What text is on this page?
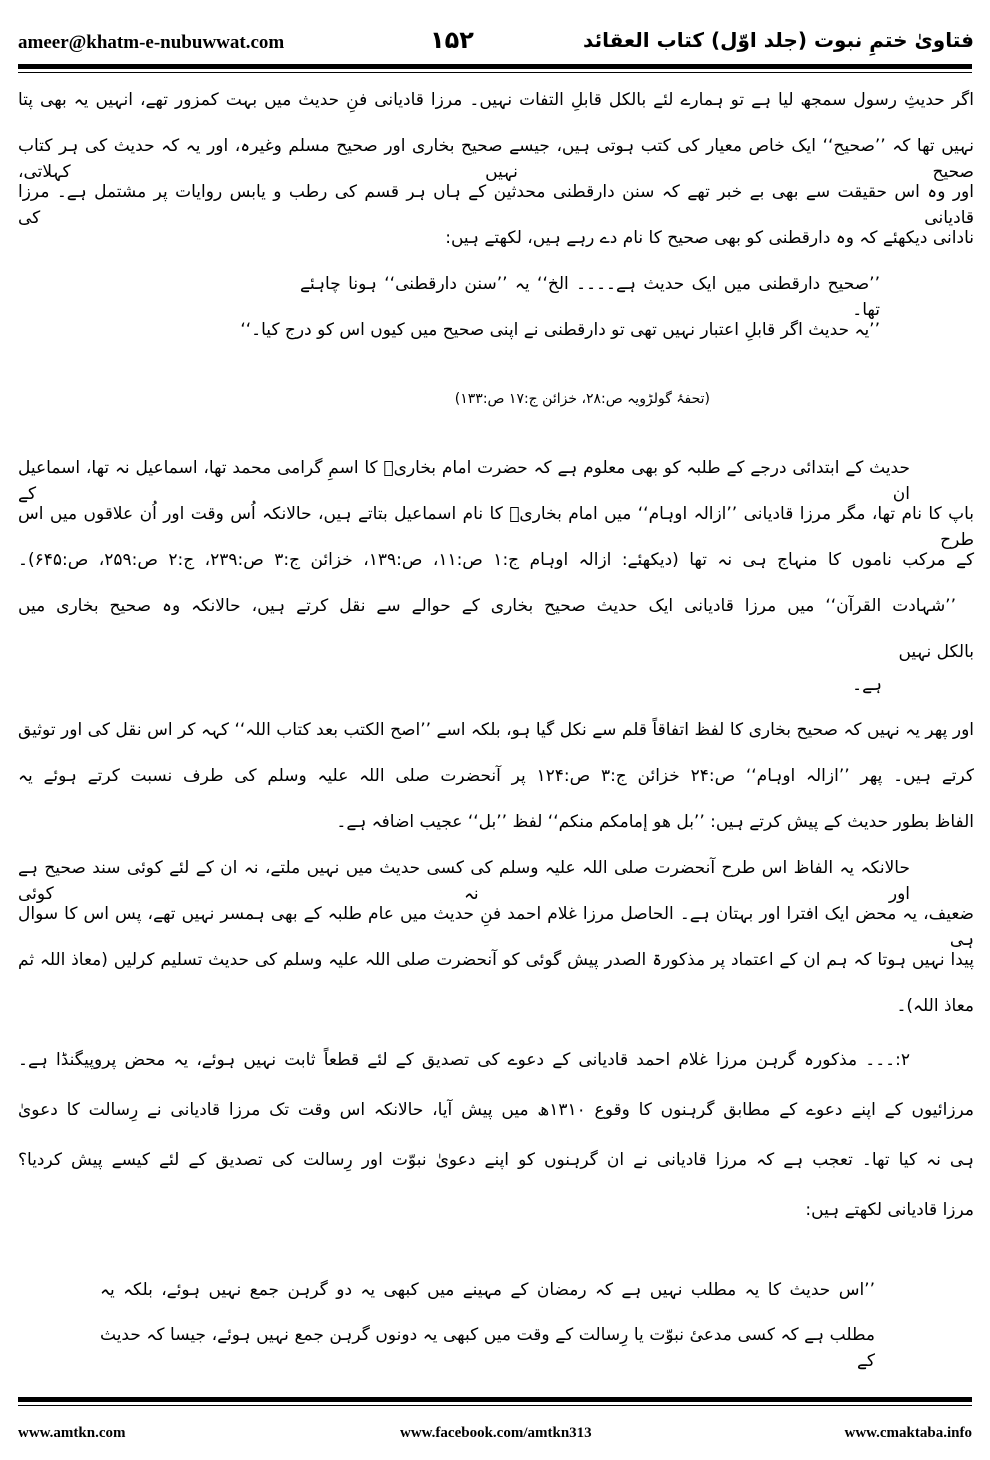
ameer@khatm-e-nubuwwat.com	۱۵۲	فتاویٰ ختمِ نبوت (جلد اوّل) کتاب العقائد
اگر حدیثِ رسول سمجھ لیا ہے تو ہمارے لئے بالکل قابلِ التفات نہیں۔ مرزا قادیانی فنِ حدیث میں بہت کمزور تھے، انہیں یہ بھی پتا
نہیں تھا کہ ’’صحیح‘‘ ایک خاص معیار کی کتب ہوتی ہیں، جیسے صحیح بخاری اور صحیح مسلم وغیرہ، اور یہ کہ حدیث کی ہر کتاب صحیح نہیں کہلاتی،
اور وہ اس حقیقت سے بھی بے خبر تھے کہ سنن دارقطنی محدثین کے ہاں ہر قسم کی رطب و یابس روایات پر مشتمل ہے۔ مرزا قادیانی کی
نادانی دیکھئے کہ وہ دارقطنی کو بھی صحیح کا نام دے رہے ہیں، لکھتے ہیں:
’’صحیح دارقطنی میں ایک حدیث ہے۔۔۔۔ الخ‘‘ یہ ’’سنن دارقطنی‘‘ ہونا چاہئے تھا۔
’’یہ حدیث اگر قابلِ اعتبار نہیں تھی تو دارقطنی نے اپنی صحیح میں کیوں اس کو درج کیا۔‘‘
(تحفۂ گولڑویہ ص:۲۸، خزائن ج:۱۷ ص:۱۳۳)
حدیث کے ابتدائی درجے کے طلبہ کو بھی معلوم ہے کہ حضرت امام بخاریؒ کا اسمِ گرامی محمد تھا، اسماعیل نہ تھا، اسماعیل ان کے
باپ کا نام تھا، مگر مرزا قادیانی ’’ازالہ اوہام‘‘ میں امام بخاریؒ کا نام اسماعیل بتاتے ہیں، حالانکہ اُس وقت اور اُن علاقوں میں اس طرح
کے مرکب ناموں کا منہاج ہی نہ تھا (دیکھئے: ازالہ اوہام ج:۱ ص:۱۱، ص:۱۳۹، خزائن ج:۳ ص:۲۳۹، ج:۲ ص:۲۵۹، ص:۶۴۵)۔
’’شہادت القرآن‘‘ میں مرزا قادیانی ایک حدیث صحیح بخاری کے حوالے سے نقل کرتے ہیں، حالانکہ وہ صحیح بخاری میں
بالکل نہیں
ہے۔
اور پھر یہ نہیں کہ صحیح بخاری کا لفظ اتفاقاً قلم سے نکل گیا ہو، بلکہ اسے ’’اصح الکتب بعد کتاب اللہ‘‘ کہہ کر اس نقل کی اور توثیق
کرتے ہیں۔ پھر ’’ازالہ اوہام‘‘ ص:۲۴ خزائن ج:۳ ص:۱۲۴ پر آنحضرت صلی اللہ علیہ وسلم کی طرف نسبت کرتے ہوئے یہ
الفاظ بطور حدیث کے پیش کرتے ہیں: ’’بل ھو إمامکم منکم‘‘ لفظ ’’بل‘‘ عجیب اضافہ ہے۔
حالانکہ یہ الفاظ اس طرح آنحضرت صلی اللہ علیہ وسلم کی کسی حدیث میں نہیں ملتے، نہ ان کے لئے کوئی سند صحیح ہے اور نہ کوئی
ضعیف، یہ محض ایک افترا اور بہتان ہے۔ الحاصل مرزا غلام احمد فنِ حدیث میں عام طلبہ کے بھی ہمسر نہیں تھے، پس اس کا سوال ہی
پیدا نہیں ہوتا کہ ہم ان کے اعتماد پر مذکورۃ الصدر پیش گوئی کو آنحضرت صلی اللہ علیہ وسلم کی حدیث تسلیم کرلیں (معاذ اللہ ثم
معاذ اللہ)۔
۲:۔۔۔ مذکورہ گرہن مرزا غلام احمد قادیانی کے دعوے کی تصدیق کے لئے قطعاً ثابت نہیں ہوئے، یہ محض پروپیگنڈا ہے۔
مرزائیوں کے اپنے دعوے کے مطابق گرہنوں کا وقوع ۱۳۱۰ھ میں پیش آیا، حالانکہ اس وقت تک مرزا قادیانی نے رِسالت کا دعویٰ
ہی نہ کیا تھا۔ تعجب ہے کہ مرزا قادیانی نے ان گرہنوں کو اپنے دعویٰ نبوّت اور رِسالت کی تصدیق کے لئے کیسے پیش کردیا؟
مرزا قادیانی لکھتے ہیں:
’’اس حدیث کا یہ مطلب نہیں ہے کہ رمضان کے مہینے میں کبھی یہ دو گرہن جمع نہیں ہوئے، بلکہ یہ
مطلب ہے کہ کسی مدعیٔ نبوّت یا رِسالت کے وقت میں کبھی یہ دونوں گرہن جمع نہیں ہوئے، جیسا کہ حدیث کے
www.amtkn.com	www.facebook.com/amtkn313	www.cmaktaba.info
